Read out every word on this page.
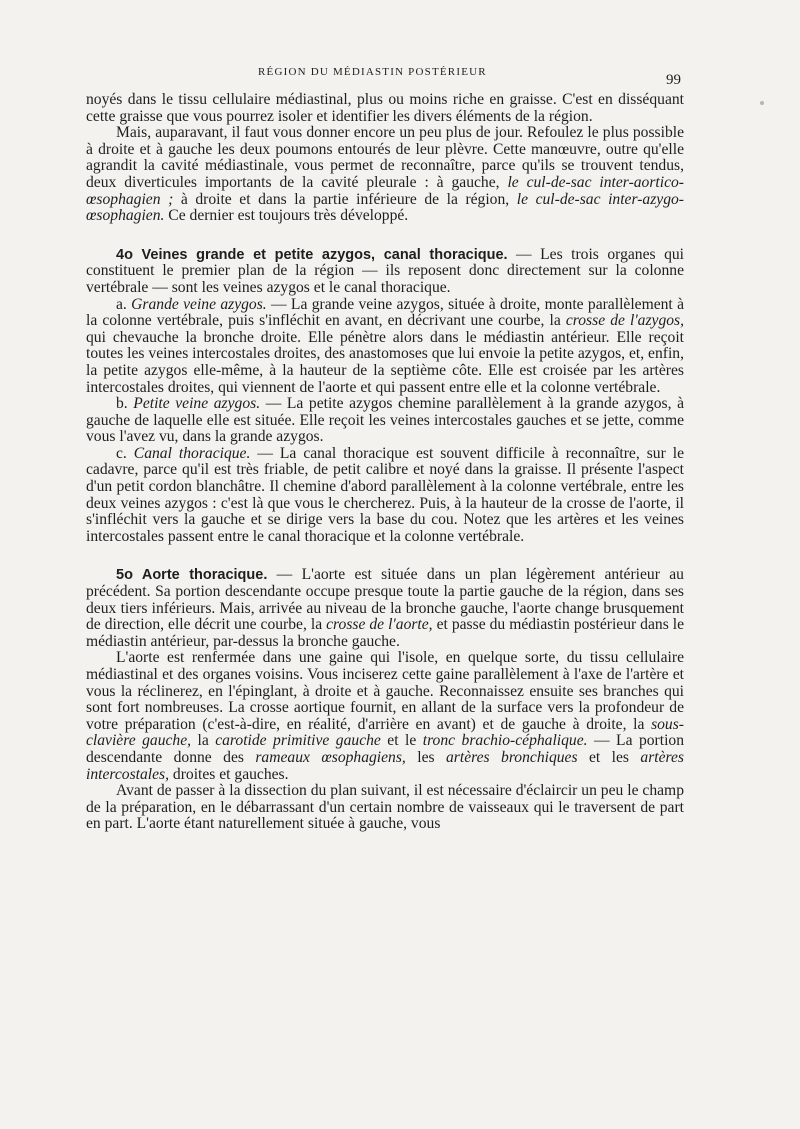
RÉGION DU MÉDIASTIN POSTÉRIEUR	99

noyés dans le tissu cellulaire médiastinal, plus ou moins riche en graisse. C'est en disséquant cette graisse que vous pourrez isoler et identifier les divers éléments de la région.

Mais, auparavant, il faut vous donner encore un peu plus de jour. Refoulez le plus possible à droite et à gauche les deux poumons entourés de leur plèvre. Cette manœuvre, outre qu'elle agrandit la cavité médiastinale, vous permet de reconnaître, parce qu'ils se trouvent tendus, deux diverticules importants de la cavité pleurale : à gauche, le cul-de-sac inter-aortico-œsophagien ; à droite et dans la partie inférieure de la région, le cul-de-sac inter-azygo-œsophagien. Ce dernier est toujours très développé.

4o Veines grande et petite azygos, canal thoracique. — Les trois organes qui constituent le premier plan de la région — ils reposent donc directement sur la colonne vertébrale — sont les veines azygos et le canal thoracique.

a. Grande veine azygos. — La grande veine azygos, située à droite, monte parallèlement à la colonne vertébrale, puis s'infléchit en avant, en décrivant une courbe, la crosse de l'azygos, qui chevauche la bronche droite. Elle pénètre alors dans le médiastin antérieur. Elle reçoit toutes les veines intercostales droites, des anastomoses que lui envoie la petite azygos, et, enfin, la petite azygos elle-même, à la hauteur de la septième côte. Elle est croisée par les artères intercostales droites, qui viennent de l'aorte et qui passent entre elle et la colonne vertébrale.

b. Petite veine azygos. — La petite azygos chemine parallèlement à la grande azygos, à gauche de laquelle elle est située. Elle reçoit les veines intercostales gauches et se jette, comme vous l'avez vu, dans la grande azygos.

c. Canal thoracique. — La canal thoracique est souvent difficile à reconnaître, sur le cadavre, parce qu'il est très friable, de petit calibre et noyé dans la graisse. Il présente l'aspect d'un petit cordon blanchâtre. Il chemine d'abord parallèlement à la colonne vertébrale, entre les deux veines azygos : c'est là que vous le chercherez. Puis, à la hauteur de la crosse de l'aorte, il s'infléchit vers la gauche et se dirige vers la base du cou. Notez que les artères et les veines intercostales passent entre le canal thoracique et la colonne vertébrale.

5o Aorte thoracique. — L'aorte est située dans un plan légèrement antérieur au précédent. Sa portion descendante occupe presque toute la partie gauche de la région, dans ses deux tiers inférieurs. Mais, arrivée au niveau de la bronche gauche, l'aorte change brusquement de direction, elle décrit une courbe, la crosse de l'aorte, et passe du médiastin postérieur dans le médiastin antérieur, par-dessus la bronche gauche.

L'aorte est renfermée dans une gaine qui l'isole, en quelque sorte, du tissu cellulaire médiastinal et des organes voisins. Vous inciserez cette gaine parallèlement à l'axe de l'artère et vous la réclinerez, en l'épinglant, à droite et à gauche. Reconnaissez ensuite ses branches qui sont fort nombreuses. La crosse aortique fournit, en allant de la surface vers la profondeur de votre préparation (c'est-à-dire, en réalité, d'arrière en avant) et de gauche à droite, la sous-clavière gauche, la carotide primitive gauche et le tronc brachio-céphalique. — La portion descendante donne des rameaux œsophagiens, les artères bronchiques et les artères intercostales, droites et gauches.

Avant de passer à la dissection du plan suivant, il est nécessaire d'éclaircir un peu le champ de la préparation, en le débarrassant d'un certain nombre de vaisseaux qui le traversent de part en part. L'aorte étant naturellement située à gauche, vous
